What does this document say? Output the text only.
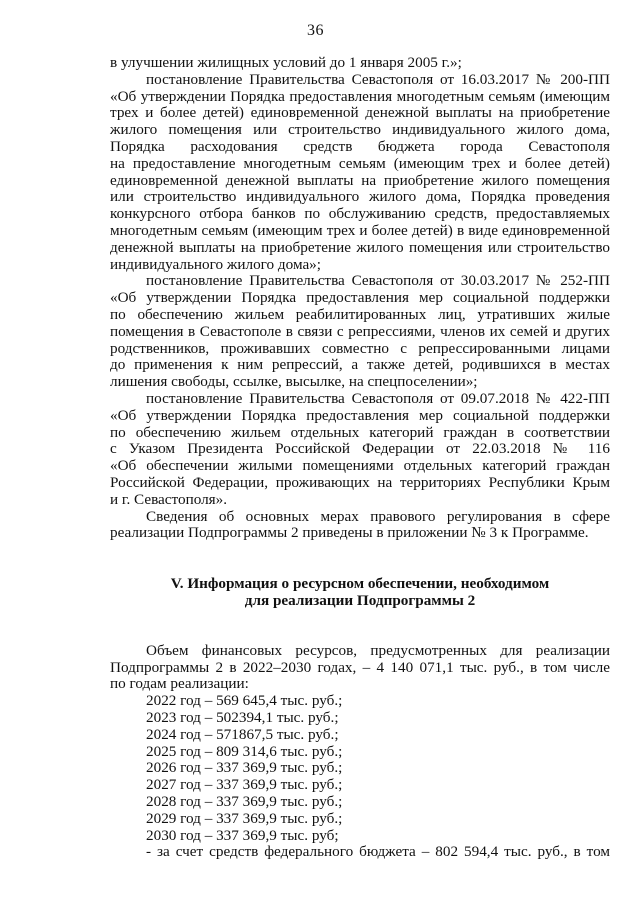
36
в улучшении жилищных условий до 1 января 2005 г.»;
постановление Правительства Севастополя от 16.03.2017 № 200-ПП
«Об утверждении Порядка предоставления многодетным семьям (имеющим
трех и более детей) единовременной денежной выплаты на приобретение
жилого помещения или строительство индивидуального жилого дома,
Порядка расходования средств бюджета города Севастополя
на предоставление многодетным семьям (имеющим трех и более детей)
единовременной денежной выплаты на приобретение жилого помещения
или строительство индивидуального жилого дома, Порядка проведения
конкурсного отбора банков по обслуживанию средств, предоставляемых
многодетным семьям (имеющим трех и более детей) в виде единовременной
денежной выплаты на приобретение жилого помещения или строительство
индивидуального жилого дома»;
постановление Правительства Севастополя от 30.03.2017 № 252-ПП
«Об утверждении Порядка предоставления мер социальной поддержки
по обеспечению жильем реабилитированных лиц, утративших жилые
помещения в Севастополе в связи с репрессиями, членов их семей и других
родственников, проживавших совместно с репрессированными лицами
до применения к ним репрессий, а также детей, родившихся в местах
лишения свободы, ссылке, высылке, на спецпоселении»;
постановление Правительства Севастополя от 09.07.2018 № 422-ПП
«Об утверждении Порядка предоставления мер социальной поддержки
по обеспечению жильем отдельных категорий граждан в соответствии
с Указом Президента Российской Федерации от 22.03.2018 № 116
«Об обеспечении жилыми помещениями отдельных категорий граждан
Российской Федерации, проживающих на территориях Республики Крым
и г. Севастополя».
Сведения об основных мерах правового регулирования в сфере
реализации Подпрограммы 2 приведены в приложении № 3 к Программе.
V. Информация о ресурсном обеспечении, необходимом
для реализации Подпрограммы 2
Объем финансовых ресурсов, предусмотренных для реализации
Подпрограммы 2 в 2022–2030 годах, – 4 140 071,1 тыс. руб., в том числе
по годам реализации:
2022 год – 569 645,4 тыс. руб.;
2023 год – 502394,1 тыс. руб.;
2024 год – 571867,5 тыс. руб.;
2025 год – 809 314,6 тыс. руб.;
2026 год – 337 369,9 тыс. руб.;
2027 год – 337 369,9 тыс. руб.;
2028 год – 337 369,9 тыс. руб.;
2029 год – 337 369,9 тыс. руб.;
2030 год – 337 369,9 тыс. руб;
- за счет средств федерального бюджета – 802 594,4 тыс. руб., в том
